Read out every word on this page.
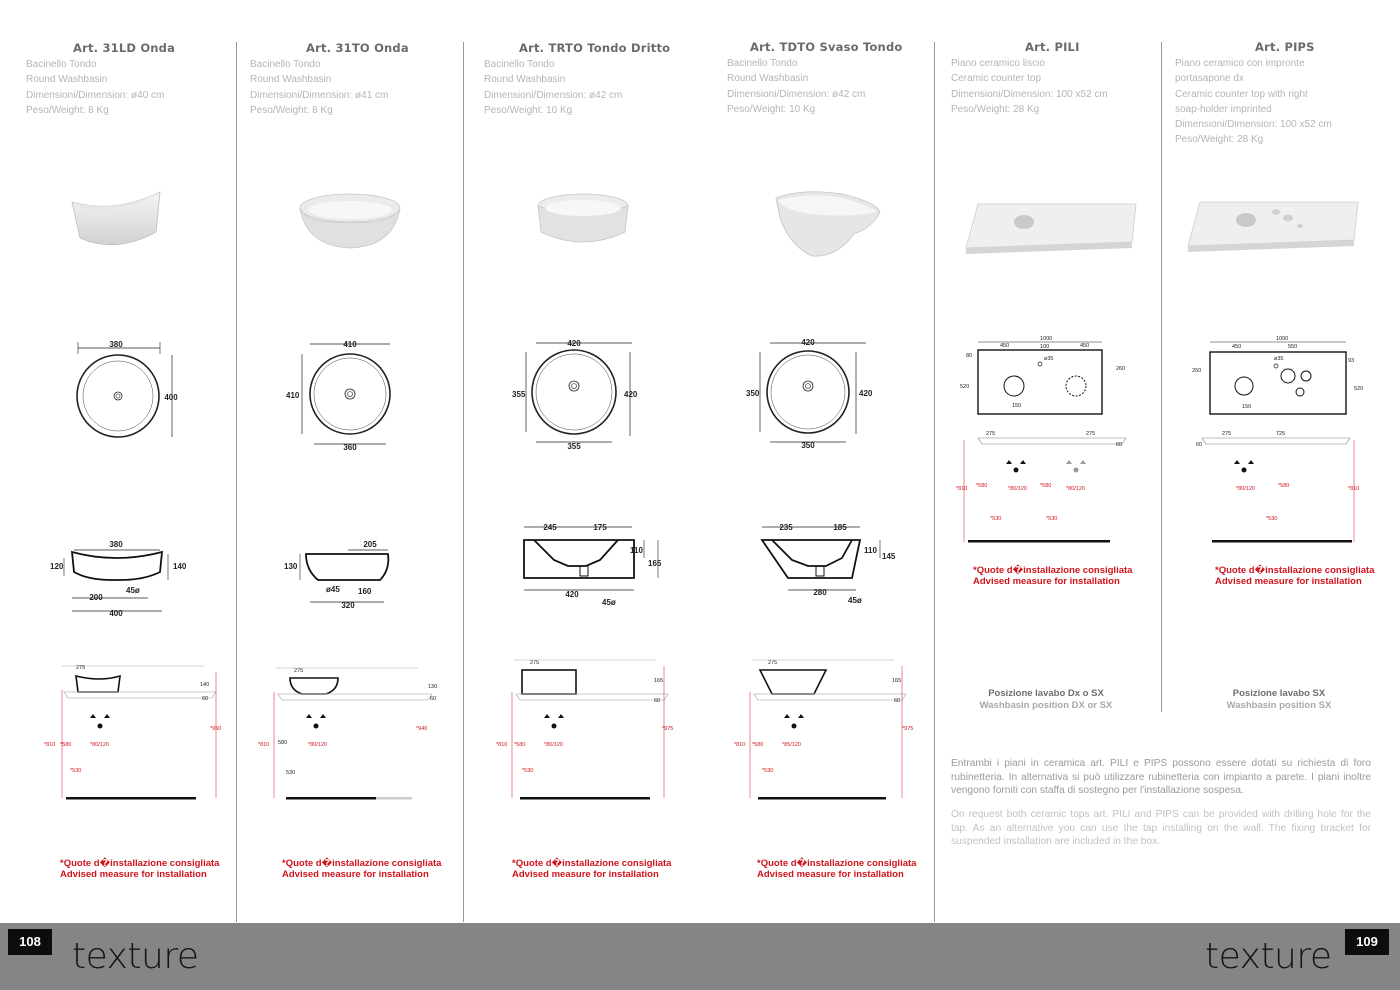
Art. 31LD Onda
Bacinello Tondo
Round Washbasin
Dimensioni/Dimension: ø40 cm
Peso/Weight: 8 Kg
Art. 31TO Onda
Bacinello Tondo
Round Washbasin
Dimensioni/Dimension: ø41 cm
Peso/Weight: 8 Kg
Art. TRTO Tondo Dritto
Bacinello Tondo
Round Washbasin
Dimensioni/Dimension: ø42 cm
Peso/Weight: 10 Kg
Art. TDTO Svaso Tondo
Bacinello Tondo
Round Washbasin
Dimensioni/Dimension: ø42 cm
Peso/Weight: 10 Kg
Art. PILI
Piano ceramico liscio
Ceramic counter top
Dimensioni/Dimension: 100 x52 cm
Peso/Weight: 28 Kg
Art. PIPS
Piano ceramico con impronte
portasapone dx
Ceramic counter top with right
soap-holder imprinted
Dimensioni/Dimension: 100 x52 cm
Peso/Weight: 28 Kg
380
400
380
120	140
45ø
200
400
410
410
360
205
130
ø45 160
320
420
355	420
355
245	175
110
165
420
45ø
420
350	420
350
235	185
110
145
280
45ø
275
140
60
*810 *580	*80/120
*530
*950
275
130
60
*810 580	*80/120
530
*940
275
165
60
*810 *580	*80/120
*530
*975
275
165
60
*810 *580	*85/120
*530
*975
1000
450	100	450
ø35
80
520
260
150
275	275
60
*810 *580	*80/120 *580	*80/120
*530	*530
1000
450	550
ø35
260
93
520
150
275	725
60
*80/120	*580
*530
*810
*Quote d�installazione consigliata
Advised measure for installation
*Quote d�installazione consigliata
Advised measure for installation
*Quote d�installazione consigliata
Advised measure for installation
*Quote d�installazione consigliata
Advised measure for installation
*Quote d�installazione consigliata
Advised measure for installation
*Quote d�installazione consigliata
Advised measure for installation
Posizione lavabo Dx o SX
Washbasin position DX or SX
Posizione lavabo SX
Washbasin position SX
Entrambi i piani in ceramica art. PILI e PIPS possono essere dotati su richiesta di foro rubinetteria. In alternativa si può utilizzare rubinetteria con impianto a parete. I piani inoltre vengono forniti con staffa di sostegno per l'installazione sospesa.
On request both ceramic tops art. PILI and PIPS can be provided with drilling hole for the tap. As an alternative you can use the tap installing on the wall. The fixing bracket for suspended installation are included in the box.
108	109
texture	texture
